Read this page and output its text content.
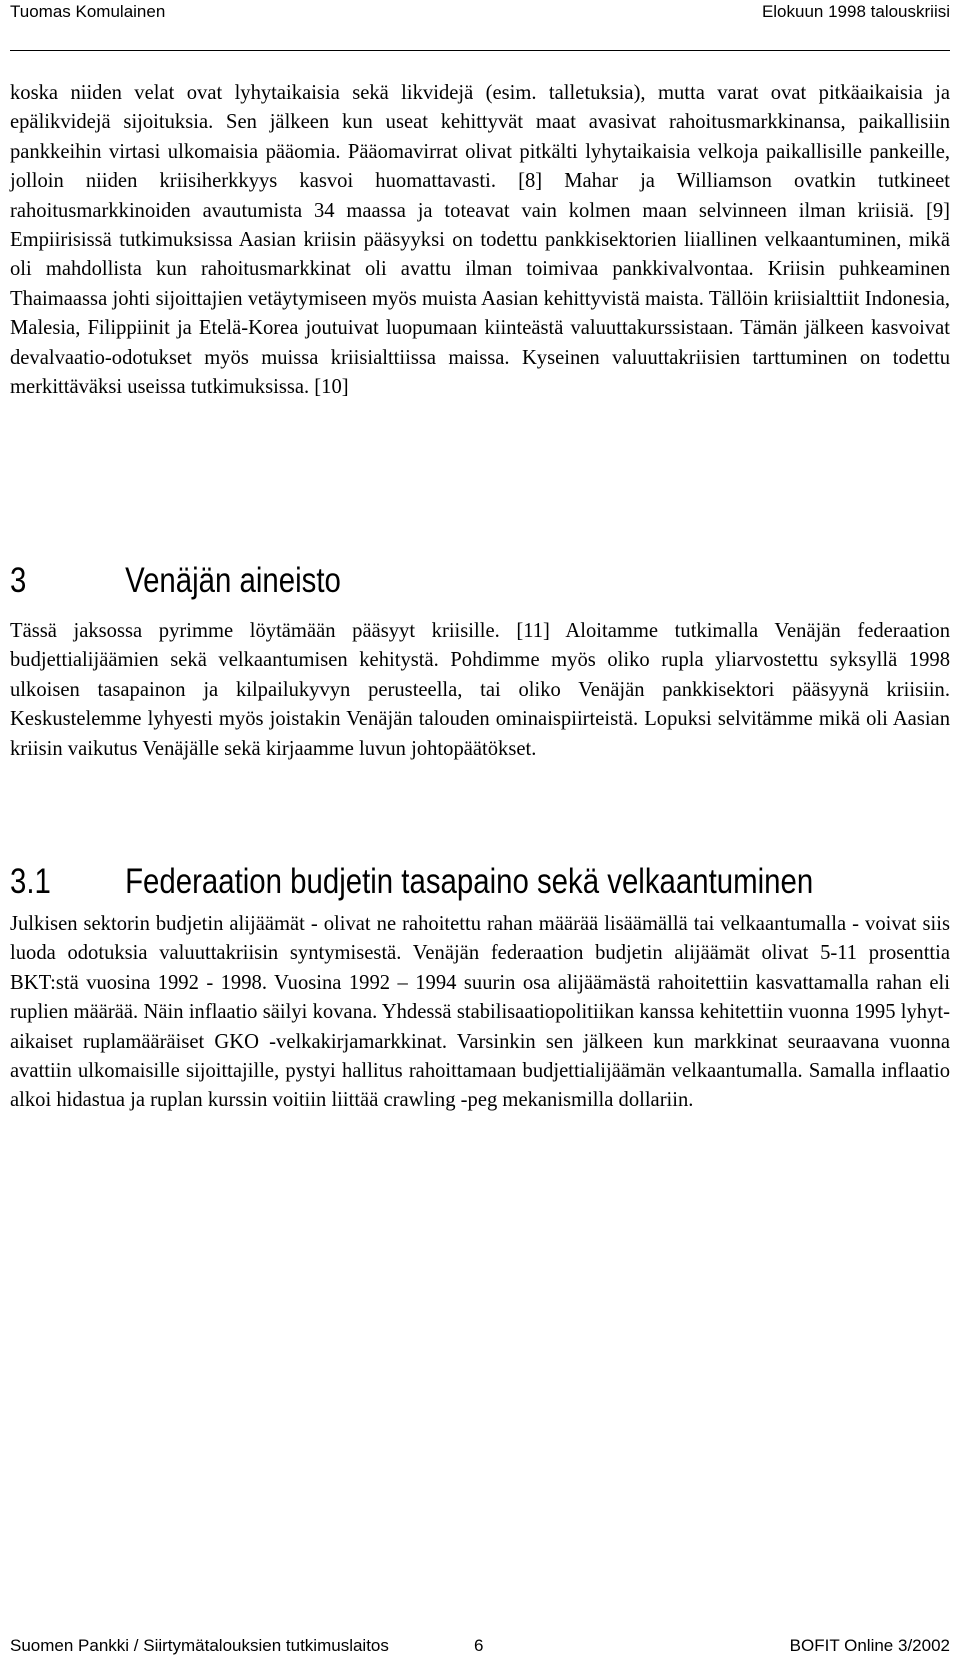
Tuomas Komulainen	Elokuun 1998 talouskriisi

koska niiden velat ovat lyhytaikaisia sekä likvidejä (esim. talletuksia), mutta varat ovat pitkäaikaisia ja epälikvidejä sijoituksia. Sen jälkeen kun useat kehittyvät maat avasivat rahoitusmarkkinansa, paikallisiin pankkeihin virtasi ulkomaisia pääomia. Pääomavirrat olivat pitkälti lyhytaikaisia velkoja paikallisille pankeille, jolloin niiden kriisiherkkyys kasvoi huomattavasti. [8] Mahar ja Williamson ovatkin tutkineet rahoitusmarkkinoiden avautumista 34 maassa ja toteavat vain kolmen maan selvinneen ilman kriisiä. [9] Empiirisissä tutkimuksissa Aasian kriisin pääsyyksi on todettu pankkisektorien liiallinen velkaantuminen, mikä oli mahdollista kun rahoitusmarkkinat oli avattu ilman toimivaa pankkivalvontaa. Kriisin puhkeaminen Thaimaassa johti sijoittajien vetäytymiseen myös muista Aasian kehittyvistä maista. Tällöin kriisialttiit Indonesia, Malesia, Filippiinit ja Etelä-Korea joutuivat luopumaan kiinteästä valuuttakurssistaan. Tämän jälkeen kasvoivat devalvaatio-odotukset myös muissa kriisialttiissa maissa. Kyseinen valuuttakriisien tarttuminen on todettu merkittäväksi useissa tutkimuksissa. [10]

3	Venäjän aineisto

Tässä jaksossa pyrimme löytämään pääsyyt kriisille. [11] Aloitamme tutkimalla Venäjän federaation budjettialijäämien sekä velkaantumisen kehitystä. Pohdimme myös oliko rupla yliarvostettu syksyllä 1998 ulkoisen tasapainon ja kilpailukyvyn perusteella, tai oliko Venäjän pankkisektori pääsyynä kriisiin. Keskustelemme lyhyesti myös joistakin Venäjän talouden ominaispiirteistä. Lopuksi selvitämme mikä oli Aasian kriisin vaikutus Venäjälle sekä kirjaamme luvun johtopäätökset.

3.1 Federaation budjetin tasapaino sekä velkaantuminen

Julkisen sektorin budjetin alijäämät - olivat ne rahoitettu rahan määrää lisäämällä tai velkaantumalla - voivat siis luoda odotuksia valuuttakriisin syntymisestä. Venäjän federaation budjetin alijäämät olivat 5-11 prosenttia BKT:stä vuosina 1992 - 1998. Vuosina 1992 – 1994 suurin osa alijäämästä rahoitettiin kasvattamalla rahan eli ruplien määrää. Näin inflaatio säilyi kovana. Yhdessä stabilisaatiopolitiikan kanssa kehitettiin vuonna 1995 lyhytaikaiset ruplamääräiset GKO -velkakirjamarkkinat. Varsinkin sen jälkeen kun markkinat seuraavana vuonna avattiin ulkomaisille sijoittajille, pystyi hallitus rahoittamaan budjettialijäämän velkaantumalla. Samalla inflaatio alkoi hidastua ja ruplan kurssin voitiin liittää crawling -peg mekanismilla dollariin.

Suomen Pankki / Siirtymätalouksien tutkimuslaitos	6	BOFIT Online 3/2002
